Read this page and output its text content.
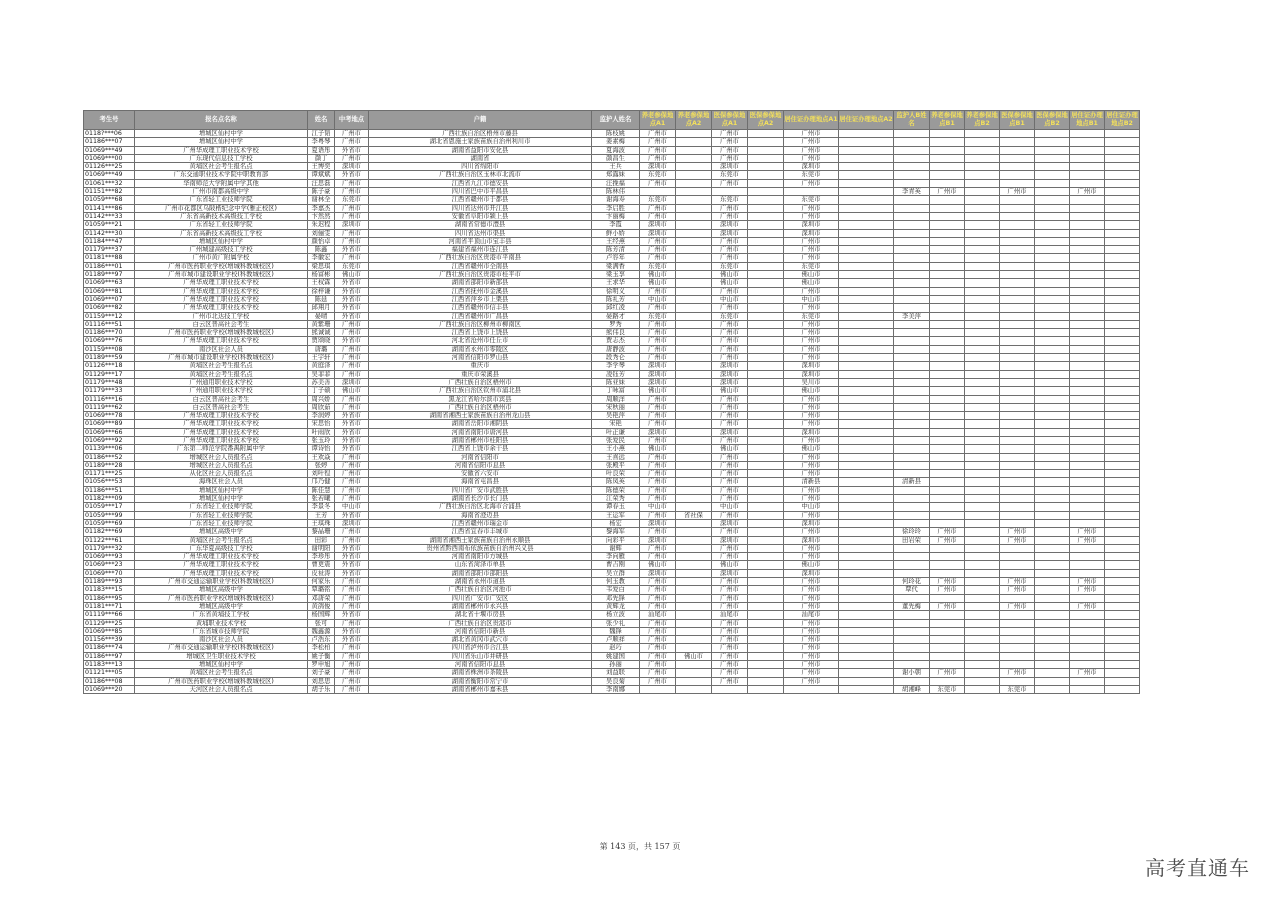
考生号	报名点名称	姓名	中考地点	户籍	监护人姓名	养老参保地点A1	养老参保地点A2	医保参保地点A1	医保参保地点A2	居住证办理地点A1	居住证办理地点A2	监护人B姓名	养老参保地点B1	养老参保地点B2	医保参保地点B1	医保参保地点B2	居住证办理地点B1	居住证办理地点B2
0118?***06	增城区仙村中学	江子韬	广州市	广西壮族自治区梧州市藤县	陈枝姚	广州市		广州市		广州市								
01186***07	增城区仙村中学	李粤琴	广州市	湖北省恩施土家族苗族自治州利川市	姜素梅	广州市		广州市		广州市								
01069***49	广州华成理工职业技术学校	夏语彤	外省市	湖南省益阳市安化县	夏海波	广州市		广州市		广州市								
01069***00	广东现代信息技工学校	颜丁	广州市	湖南省	颜昌生	广州市		广州市		广州市								
01126***25	黄埔区社会考生报名点	王博奕	深圳市	四川省绵阳市	王兵	深圳市		深圳市		深圳市								
01069***49	广东交通职业技术学院中职教育部	谭斌斌	外省市	广西壮族自治区玉林市北流市	郑露妹	东莞市		东莞市		东莞市								
01061***32	华南师范大学附属中学其他	汪思磊	广州市	江西省九江市德安县	汪挽福	广州市		广州市		广州市								
01151***82	广州市南都高级中学	陈子豪	广州市	四川省巴中市平昌县	陈林伟							李青英	广州市		广州市		广州市	
01059***68	广东省轻工业技师学院	谢林全	东莞市	江西省赣州市于都县	谢海寿	东莞市		东莞市		东莞市								
01141***86	广州市花都区乌陂楷纪念中学(雅正校区)	李嘉杰	广州市	四川省达州市开江县	李启胜	广州市		广州市		广州市								
01142***33	广东省高新技术高级技工学校	卞然然	广州市	安徽省阜阳市颍上县	卞丽梅	广州市		广州市		广州市								
01059***21	广东省轻工业技师学院	朱迟程	深圳市	湖南省常德市澧县	李霞	深圳市		深圳市		深圳市								
01142***30	广东省高新技术高级技工学校	刘俪雯	广州市	四川省达州市渠县	鲜小娇	深圳市		深圳市		深圳市								
01184***47	增城区仙村中学	颜怡卓	广州市	河南省平顶山市宝丰县	王经燕	广州市		广州市		广州市								
01179***37	广州城建高级技工学校	陈鑫	外省市	福建省福州市连江县	陈芳清	广州市		广州市		广州市								
01181***88	广州市黄广附属学校	李徽宏	广州市	广西壮族自治区贵港市平南县	卢容年	广州市		广州市		广州市								
01186***01	广州市医药职业学校(增城科教城校区)	梁思琪	东莞市	江西省赣州市全南县	梁满香	东莞市		东莞市		东莞市								
01189***97	广州市城市建设职业学校(科教城校区)	杨富彬	佛山市	广西壮族自治区贵港市桂平市	梁玉享	佛山市		佛山市		佛山市								
01069***63	广州华成理工职业技术学校	王权霖	外省市	湖南省邵阳市新邵县	王求华	佛山市		佛山市		佛山市								
01069***81	广州华成理工职业技术学校	徐梓谦	外省市	江西省抚州市金溪县	徐明义	广州市		广州市		广州市								
01069***07	广州华成理工职业技术学校	陈延	外省市	江西省萍乡市上栗县	陈礼芳	中山市		中山市		中山市								
01069***82	广州华成理工职业技术学校	邱翔月	外省市	江西省赣州市信丰县	邱红凌	广州市		广州市		广州市								
01159***12	广州市北达技工学校	晏晴	外省市	江西省赣州市广昌县	晏路才	东莞市		东莞市		东莞市		李美萍						
01116***51	白云区普高社会考生	黄紫珊	广州市	广西壮族自治区柳州市柳南区	罗秀	广州市		广州市		广州市								
01186***70	广州市医药职业学校(增城科教城校区)	熊诚诚	广州市	江西省上饶市上饶县	熊伟良	广州市		广州市		广州市								
01069***76	广州华成理工职业技术学校	贾颂晓	外省市	河北省沧州市任丘市	贾志杰	广州市		广州市		广州市								
01159***08	南沙区社会人员	唐璐	广州市	湖南省永州市零陵区	唐静波	广州市		广州市		广州市								
01189***59	广州市城市建设职业学校(科教城校区)	王宇轩	广州市	河南省信阳市罗山县	段秀仑	广州市		广州市		广州市								
01126***18	黄埔区社会考生报名点	黄庭泽	广州市	重庆市	李学琴	深圳市		深圳市		深圳市								
01129***17	黄埔区社会考生报名点	吴菲菲	广州市	重庆市荣溪县	凌钰芳	深圳市		深圳市		深圳市								
01179***48	广州通用职业技术学校	苏美善	深圳市	广西壮族自治区梧州市	陈亚妹	深圳市		深圳市		吴川市								
01179***33	广州通用职业技术学校	丁子硕	佛山市	广西壮族自治区钦州市浦北县	丁咏富	佛山市		佛山市		佛山市								
01116***16	白云区普高社会考生	周兴娇	广州市	黑龙江省哈尔滨市宾县	周顺洋	广州市		广州市		广州市								
01119***62	白云区普高社会考生	周欣茹	广州市	广西壮族自治区梧州市	宋秋丽	广州市		广州市		广州市								
01069***78	广州华成理工职业技术学校	李润婷	外省市	湖南省湘西土家族苗族自治州龙山县	吴艳萍	广州市		广州市		广州市								
01069***89	广州华成理工职业技术学校	宋思怡	外省市	湖南省岳阳市湘阴县	宋艳	广州市		广州市		广州市								
01069***66	广州华成理工职业技术学校	叶雨欣	外省市	河南省南阳市唐河县	叶正谦	深圳市		深圳市		深圳市								
01069***92	广州华成理工职业技术学校	张玉玲	外省市	湖南省郴州市桂阳县	张爱民	广州市		广州市		广州市								
01139***06	广东第二师范学院番禺附属中学	谭诗怡	外省市	江西省上饶市余干县	王小燕	佛山市		佛山市		佛山市								
01186***52	增城区社会人员报名点	王欢焱	广州市	河南省信阳市	王喜远	广州市		广州市		广州市								
01189***28	增城区社会人员报名点	张婷	广州市	河南省信阳市息县	张殿平	广州市		广州市		广州市								
01171***25	从化区社会人员报名点	刘叶徨	广州市	安徽省六安市	叶良荣	广州市		广州市		广州市								
01056***53	海珠区社会人员	邝乃健	广州市	海南省屯昌县	陈凤英	广州市		广州市		清新县		清新县						
01186***51	增城区仙村中学	陈佳慧	广州市	四川省广安市武胜县	陈德荣	广州市		广州市		广州市								
01182***09	增城区仙村中学	张若曦	广州市	湖南省长沙市长门县	江荣秀	广州市		广州市		广州市								
01059***17	广东省轻工业技师学院	李景冬	中山市	广西壮族自治区北海市合浦县	谭春玉	中山市		中山市		中山市								
01059***99	广东省轻工业技师学院	王芳	外省市	海南省澄迈县	王运军	广州市	省社保	广州市		广州市								
01059***69	广东省轻工业技师学院	王琪珠	深圳市	江西省赣州市瑞金市	杨宏	深圳市		深圳市		深圳市								
01182***69	增城区高级中学	黎晶珊	广州市	江西省宜春市丰城市	黎海军	广州市		广州市		广州市		徐玲玲	广州市		广州市		广州市	
01122***61	黄埔区社会考生报名点	田彩	广州市	湖南省湘西土家族苗族自治州永顺县	向彩平	深圳市		深圳市		深圳市		田岩荣	广州市		广州市		广州市	
01179***32	广东华夏高级技工学校	谢明阳	外省市	贵州省黔西南布依族苗族自治州兴义县	谢辉	广州市		广州市		广州市								
01069***93	广州华成理工职业技术学校	李珍彤	外省市	河南省南阳市方城县	李向雁	广州市		广州市		广州市								
01069***23	广州华成理工职业技术学校	曹更震	外省市	山东省菏泽市单县	曹吉刚	佛山市		佛山市		佛山市								
01069***70	广州华成理工职业技术学校	皮祉涛	外省市	湖南省邵阳市邵阳县	吴立群	深圳市		深圳市		深圳市								
01189***93	广州市交通运输职业学校(科教城校区)	何家乐	广州市	湖南省永州市道县	何玉教	广州市		广州市		广州市		何玲花	广州市		广州市		广州市	
01183***15	增城区高级中学	覃璐铭	广州市	广西壮族自治区河池市	韦爱白	广州市		广州市		广州市		覃代	广州市		广州市		广州市	
01186***95	广州市医药职业学校(增城科教城校区)	邓唐荣	广州市	四川省广安市广安区	邓先锋	广州市		广州市		广州市								
01181***71	增城区高级中学	黄鸽俊	广州市	湖南省郴州市永兴县	黄辉龙	广州市		广州市		广州市		董先梅	广州市		广州市		广州市	
01119***66	广东省黄埔技工学校	杨国辉	外省市	湖北省十堰市房县	杨立波	汕尾市		汕尾市		汕尾市								
01129***25	黄埔职业技术学校	张可	广州市	广西壮族自治区贵港市	张少礼	广州市		广州市		广州市								
01069***85	广东省城市技师学院	魏鑫源	外省市	河南省信阳市新县	魏锋	广州市		广州市		广州市								
01156***39	南沙区社会人员	卢浩东	外省市	湖北省黄冈市武穴市	卢顺祥	广州市		广州市		广州市								
01186***74	广州市交通运输职业学校(科教城校区)	李松柏	广州市	四川省泸州市合江县	赵巧	广州市		广州市		广州市								
01186***97	增城区卫生职业技术学校	姚子衡	广州市	四川省乐山市井研县	姚建国	广州市	佛山市	广州市		广州市								
01183***13	增城区仙村中学	罗申旭	广州市	河南省信阳市息县	孙丽	广州市		广州市		广州市								
01121***05	黄埔区社会考生报名点	刘子豪	广州市	湖南省株洲市茶陵县	刘益联	广州市		广州市		广州市		谢小朝	广州市		广州市		广州市	
01186***08	广州市医药职业学校(增城科教城校区)	刘思思	广州市	湖南省衡阳市常宁市	吴良菊	广州市		广州市		广州市								
01069***20	天河区社会人员报名点	胡子乐	广州市	湖南省郴州市嘉禾县	李南娜							胡湘峰	东莞市		东莞市			
第 143 页，共 157 页
高考直通车
